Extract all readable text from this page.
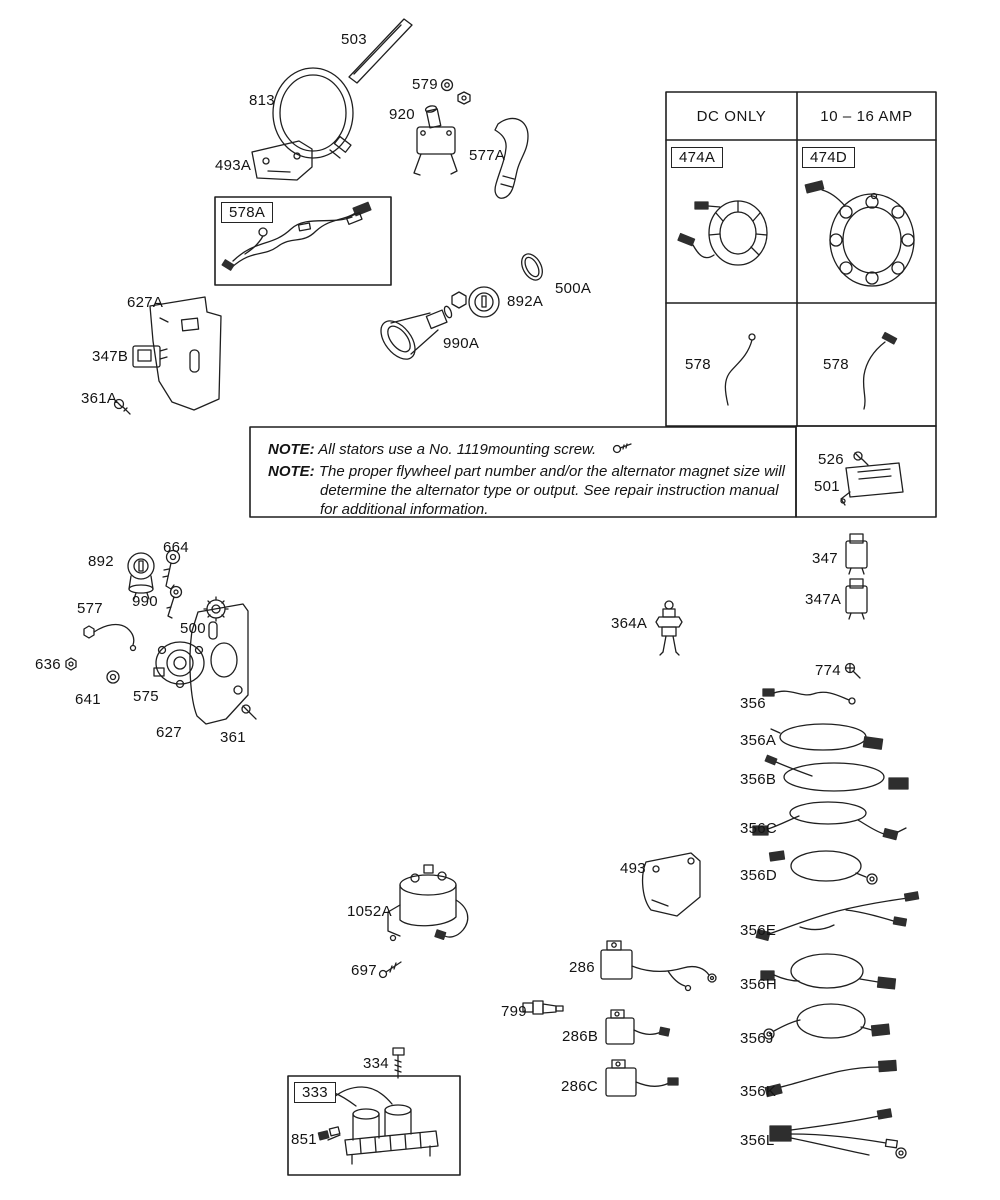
DC ONLY	10 – 16 AMP
474A	474D
578A
333
503
813
579
920
493A
577A
627A
347B
361A
892A
500A
990A
578	578
526
501
347
347A
892
664
990
577
500
636
641 575
627	361
364A
774
356
356A
356B
356C
356D
356E
356H
356J
356K
356L
1052A
697
493
286
799
286B
286C
334
851

NOTE: All stators use a No. 1119mounting screw.

NOTE: The proper flywheel part number and/or the alternator magnet size will determine the alternator type or output. See repair instruction manual for additional information.
